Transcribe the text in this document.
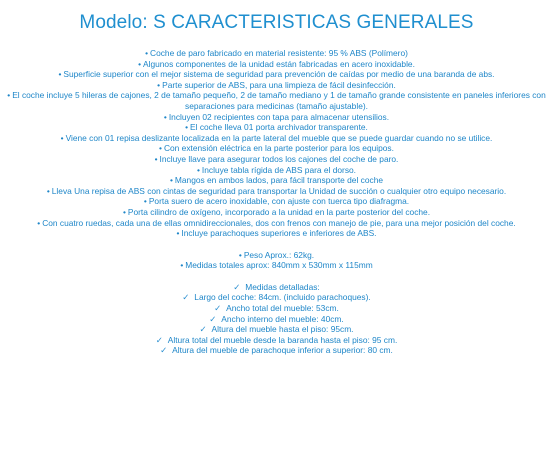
Modelo: S CARACTERISTICAS GENERALES
• Coche de paro fabricado en material resistente: 95 % ABS (Polímero)
• Algunos componentes de la unidad están fabricadas en acero inoxidable.
• Superficie superior con el mejor sistema de seguridad para prevención de caídas por medio de una baranda de abs.
• Parte superior de ABS, para una limpieza de fácil desinfección.
• El coche incluye 5 hileras de cajones, 2 de tamaño pequeño, 2 de tamaño mediano y 1 de tamaño grande consistente en paneles inferiores con separaciones para medicinas (tamaño ajustable).
• Incluyen 02 recipientes con tapa para almacenar utensilios.
• El coche lleva 01 porta archivador transparente.
• Viene con 01 repisa deslizante localizada en la parte lateral del mueble que se puede guardar cuando no se utilice.
• Con extensión eléctrica en la parte posterior para los equipos.
• Incluye llave para asegurar todos los cajones del coche de paro.
• Incluye tabla rígida de ABS para el dorso.
• Mangos en ambos lados, para fácil transporte del coche
• Lleva Una repisa de ABS con cintas de seguridad para transportar la Unidad de succión o cualquier otro equipo necesario.
• Porta suero de acero inoxidable, con ajuste con tuerca tipo diafragma.
• Porta cilindro de oxígeno, incorporado a la unidad en la parte posterior del coche.
• Con cuatro ruedas, cada una de ellas omnidireccionales, dos con frenos con manejo de pie, para una mejor posición del coche.
• Incluye parachoques superiores e inferiores de ABS.
• Peso Aprox.: 62kg.
• Medidas totales aprox: 840mm x 530mm x 115mm
✓ Medidas detalladas:
✓ Largo del coche: 84cm. (incluido parachoques).
✓ Ancho total del mueble: 53cm.
✓ Ancho interno del mueble: 40cm.
✓ Altura del mueble hasta el piso: 95cm.
✓ Altura total del mueble desde la baranda hasta el piso: 95 cm.
✓ Altura del mueble de parachoque inferior a superior: 80 cm.
